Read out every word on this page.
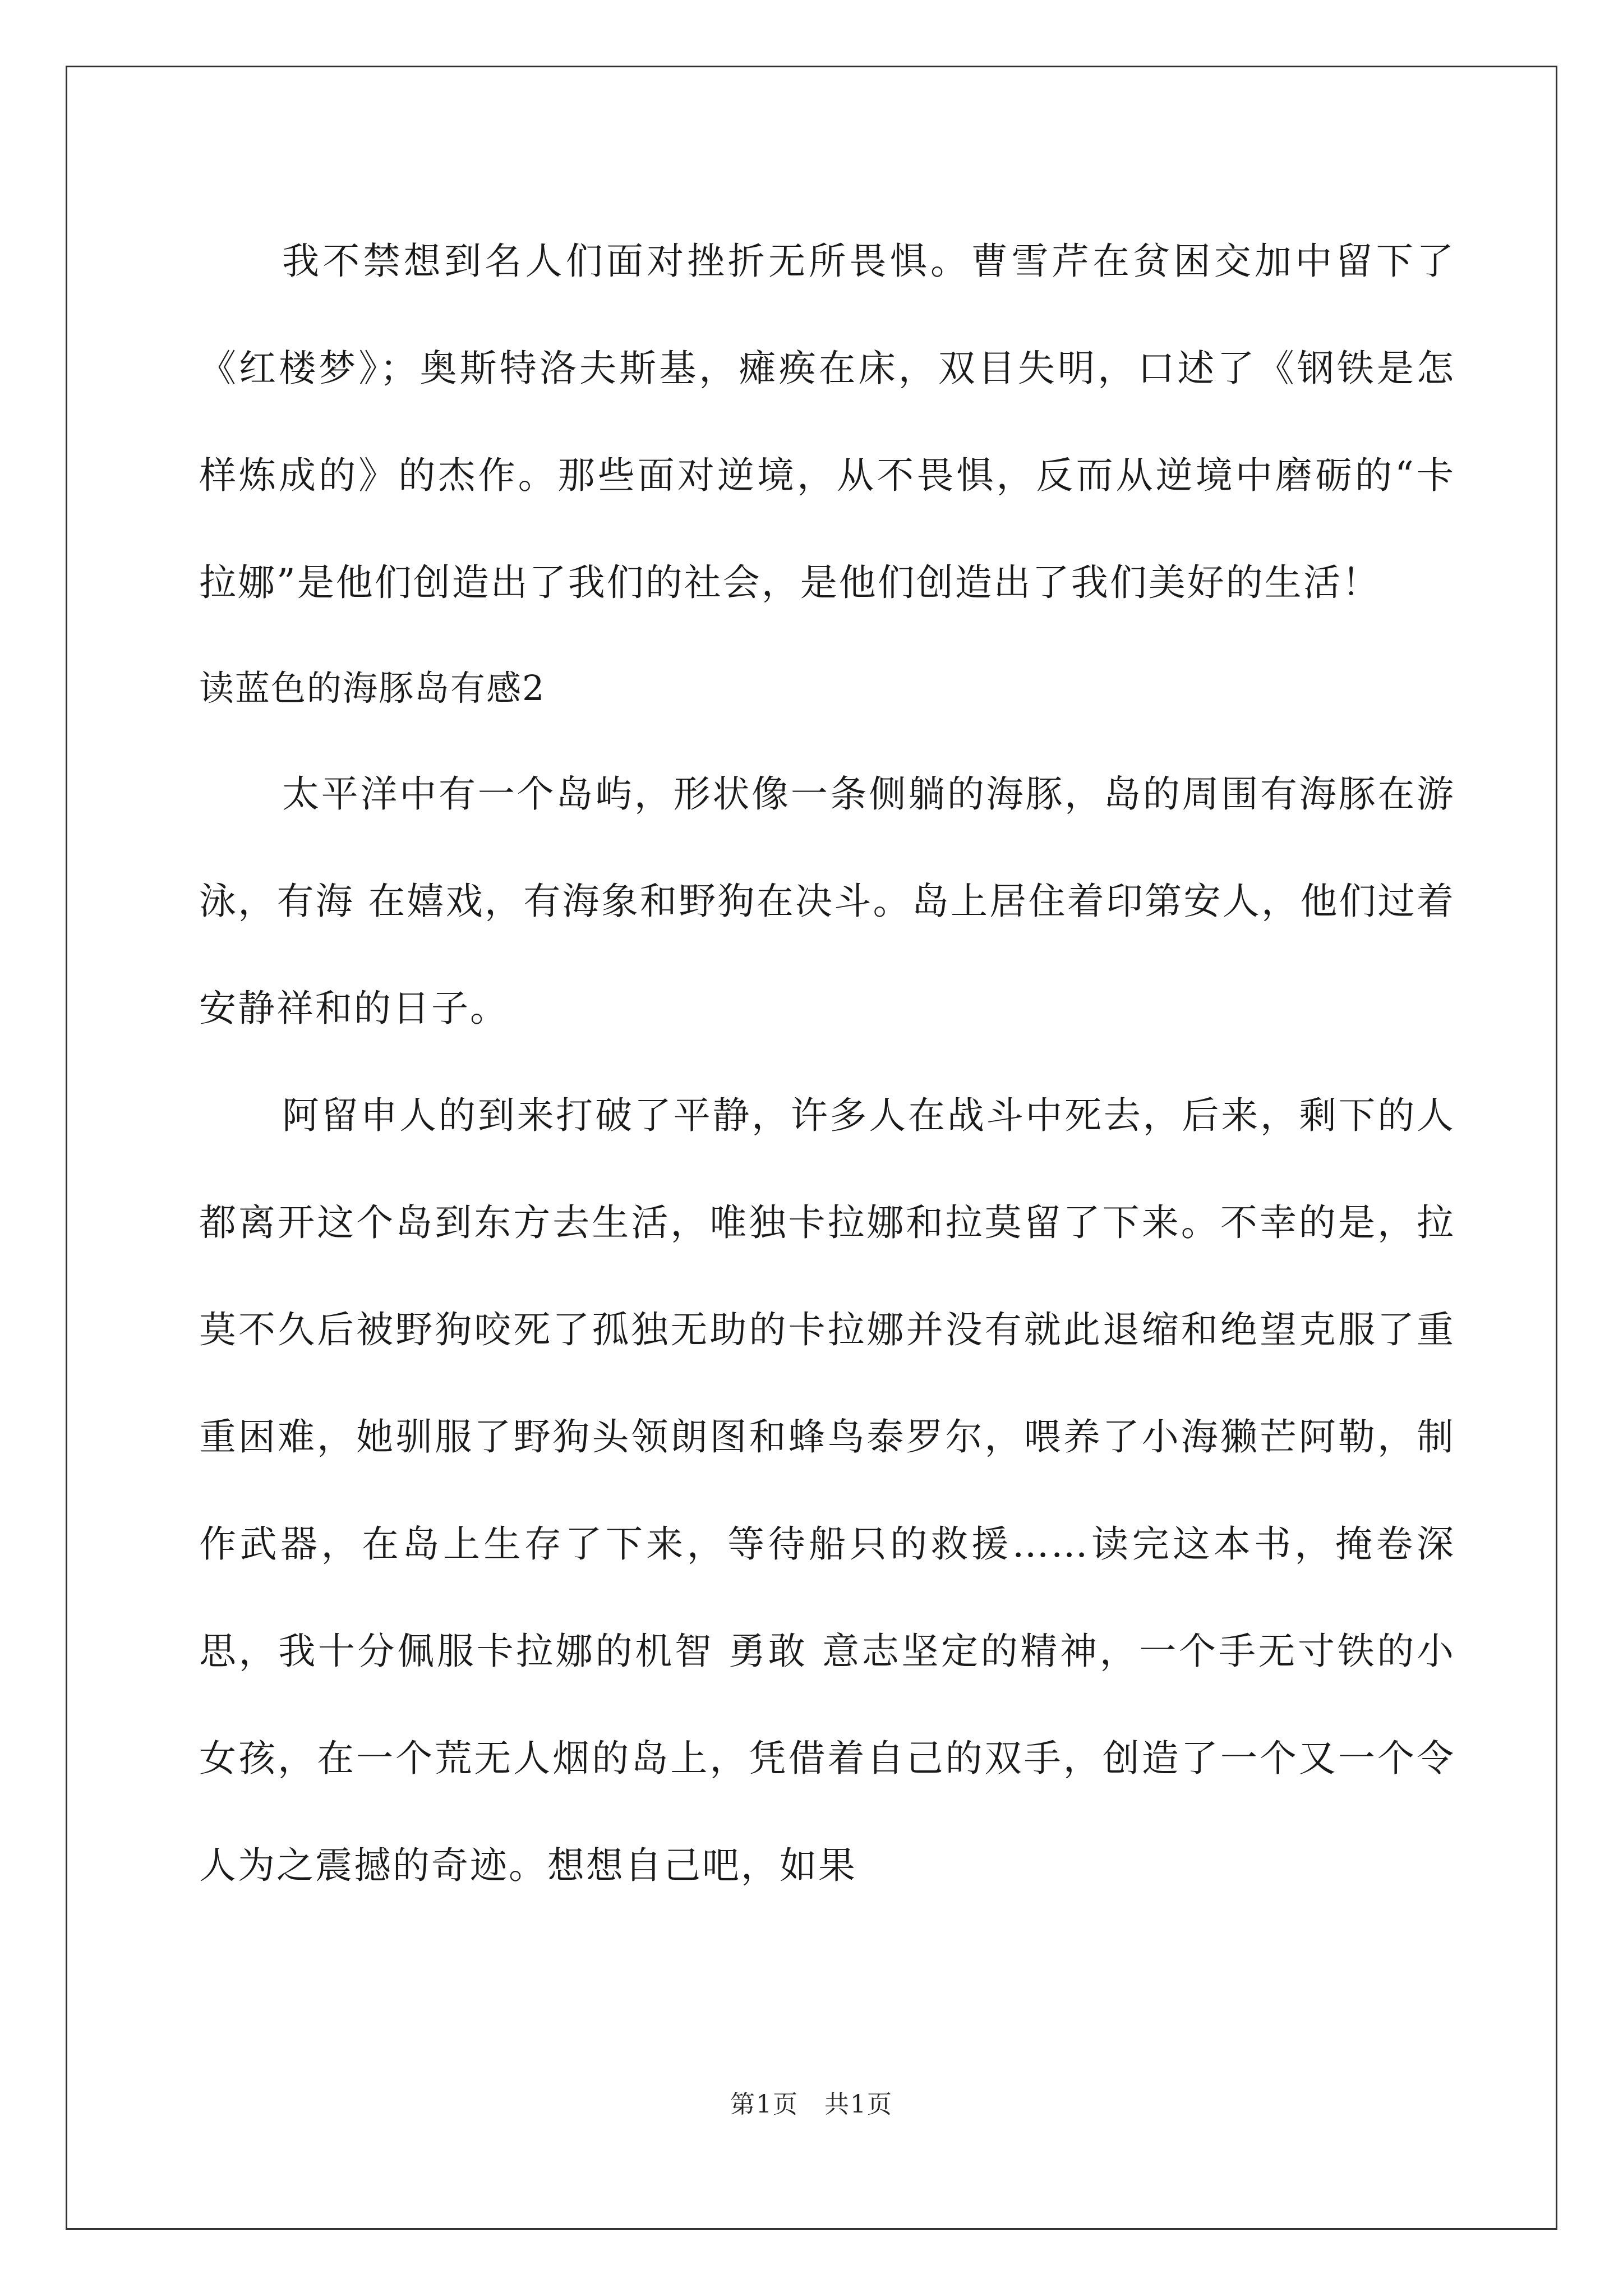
我不禁想到名人们面对挫折无所畏惧。曹雪芹在贫困交加中留下了《红楼梦》；奥斯特洛夫斯基，瘫痪在床，双目失明，口述了《钢铁是怎样炼成的》的杰作。那些面对逆境，从不畏惧，反而从逆境中磨砺的“卡拉娜”是他们创造出了我们的社会，是他们创造出了我们美好的生活！

读蓝色的海豚岛有感2

太平洋中有一个岛屿，形状像一条侧躺的海豚，岛的周围有海豚在游泳，有海 在嬉戏，有海象和野狗在决斗。岛上居住着印第安人，他们过着安静祥和的日子。

阿留申人的到来打破了平静，许多人在战斗中死去，后来，剩下的人都离开这个岛到东方去生活，唯独卡拉娜和拉莫留了下来。不幸的是，拉莫不久后被野狗咬死了孤独无助的卡拉娜并没有就此退缩和绝望克服了重重困难，她驯服了野狗头领朗图和蜂鸟泰罗尔，喂养了小海獭芒阿勒，制作武器，在岛上生存了下来，等待船只的救援……读完这本书，掩卷深思，我十分佩服卡拉娜的机智 勇敢 意志坚定的精神，一个手无寸铁的小女孩，在一个荒无人烟的岛上，凭借着自己的双手，创造了一个又一个令人为之震撼的奇迹。想想自己吧，如果

第1页　共1页
